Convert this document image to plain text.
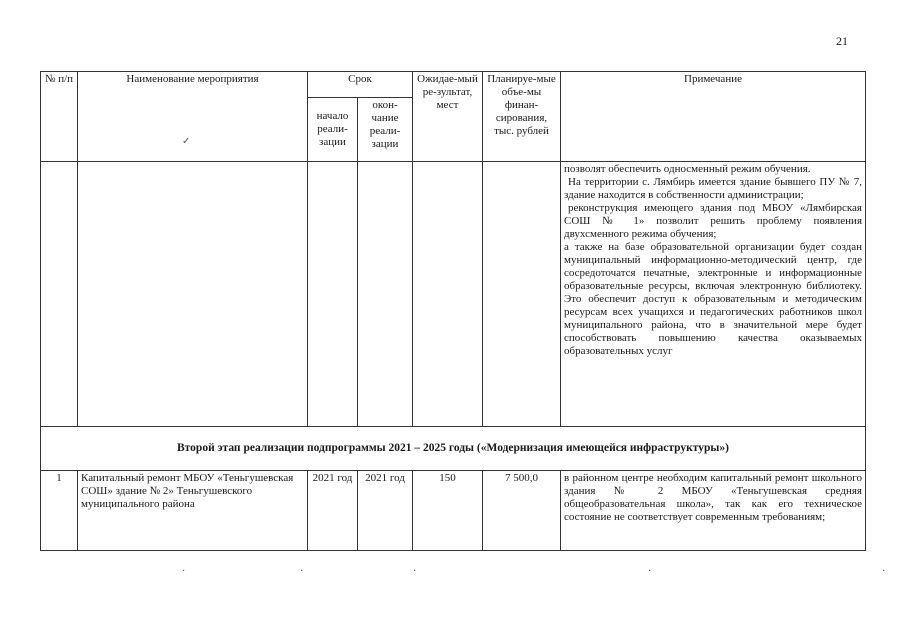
21
№ п/п	Наименование мероприятия	Срок		Ожидае-мый ре-зультат, мест	Планируе-мые объе-мы финан-сирования, тыс. рублей	Примечание
		начало реали-зации	окон-чание реали-зации			

						позволят обеспечить односменный режим обучения.

На территории с. Лямбирь имеется здание бывшего ПУ № 7, здание находится в собственности администрации;

реконструкция имеющего здания под МБОУ «Лямбирская СОШ № 1» позволит решить проблему появления двухсменного режима обучения;

а также на базе образовательной организации будет создан муниципальный информационно-методический центр, где сосредоточатся печатные, электронные и информационные образовательные ресурсы, включая электронную библиотеку. Это обеспечит доступ к образовательным и методическим ресурсам всех учащихся и педагогических работников школ муниципального района, что в значительной мере будет способствовать повышению качества оказываемых образовательных услуг

Второй этап реализации подпрограммы 2021 – 2025 годы («Модернизация имеющейся инфраструктуры»)						
1	Капитальный ремонт МБОУ «Теньгушевская СОШ» здание № 2» Теньгушевского муниципального района	2021 год	2021 год	150	7 500,0	в районном центре необходим капитальный ремонт школьного здания № 2 МБОУ «Теньгушевская средняя общеобразовательная школа», так как его техническое состояние не соответствует современным требованиям;
✓
·	·	·	·	·
